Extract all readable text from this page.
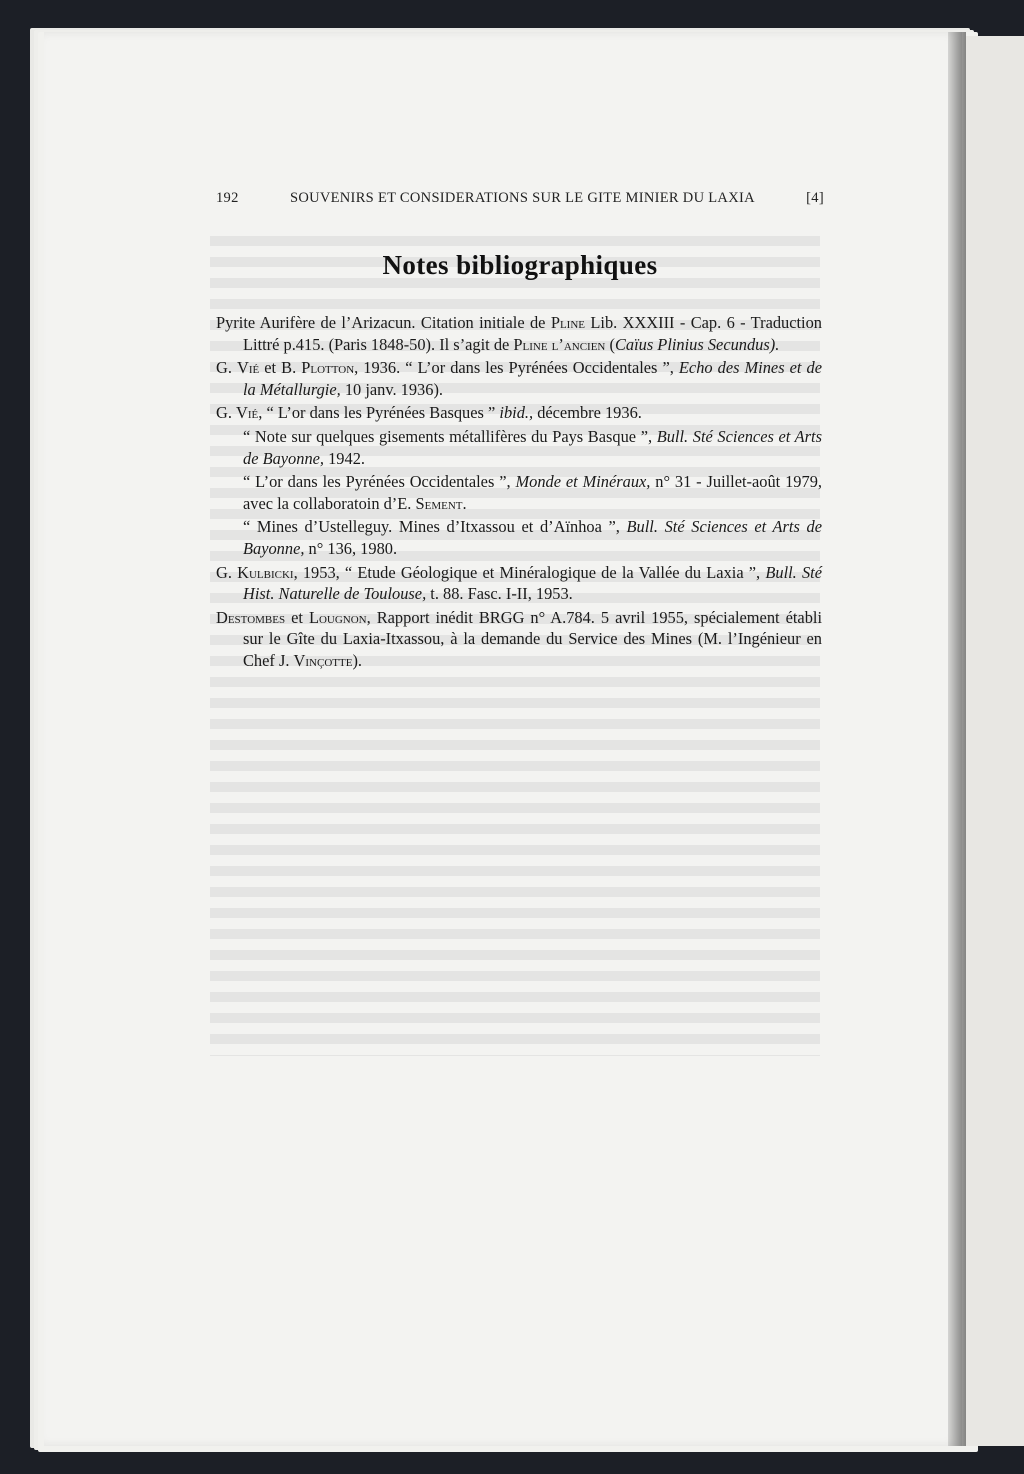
192	SOUVENIRS ET CONSIDERATIONS SUR LE GITE MINIER DU LAXIA	[4]
Notes bibliographiques

Pyrite Aurifère de l’Arizacun. Citation initiale de Pline Lib. XXXIII - Cap. 6 - Traduction Littré p.415. (Paris 1848-50). Il s’agit de Pline l’ancien (Caïus Plinius Secundus).

G. Vié et B. Plotton, 1936. “ L’or dans les Pyrénées Occidentales ”, Echo des Mines et de la Métallurgie, 10 janv. 1936).

G. Vié, “ L’or dans les Pyrénées Basques ” ibid., décembre 1936.

“ Note sur quelques gisements métallifères du Pays Basque ”, Bull. Sté Sciences et Arts de Bayonne, 1942.

“ L’or dans les Pyrénées Occidentales ”, Monde et Minéraux, n° 31 - Juillet-août 1979, avec la collaboratoin d’E. Sement.

“ Mines d’Ustelleguy. Mines d’Itxassou et d’Aïnhoa ”, Bull. Sté Sciences et Arts de Bayonne, n° 136, 1980.

G. Kulbicki, 1953, “ Etude Géologique et Minéralogique de la Vallée du Laxia ”, Bull. Sté Hist. Naturelle de Toulouse, t. 88. Fasc. I-II, 1953.

Destombes et Lougnon, Rapport inédit BRGG n° A.784. 5 avril 1955, spécialement établi sur le Gîte du Laxia-Itxassou, à la demande du Service des Mines (M. l’Ingénieur en Chef J. Vinçotte).
